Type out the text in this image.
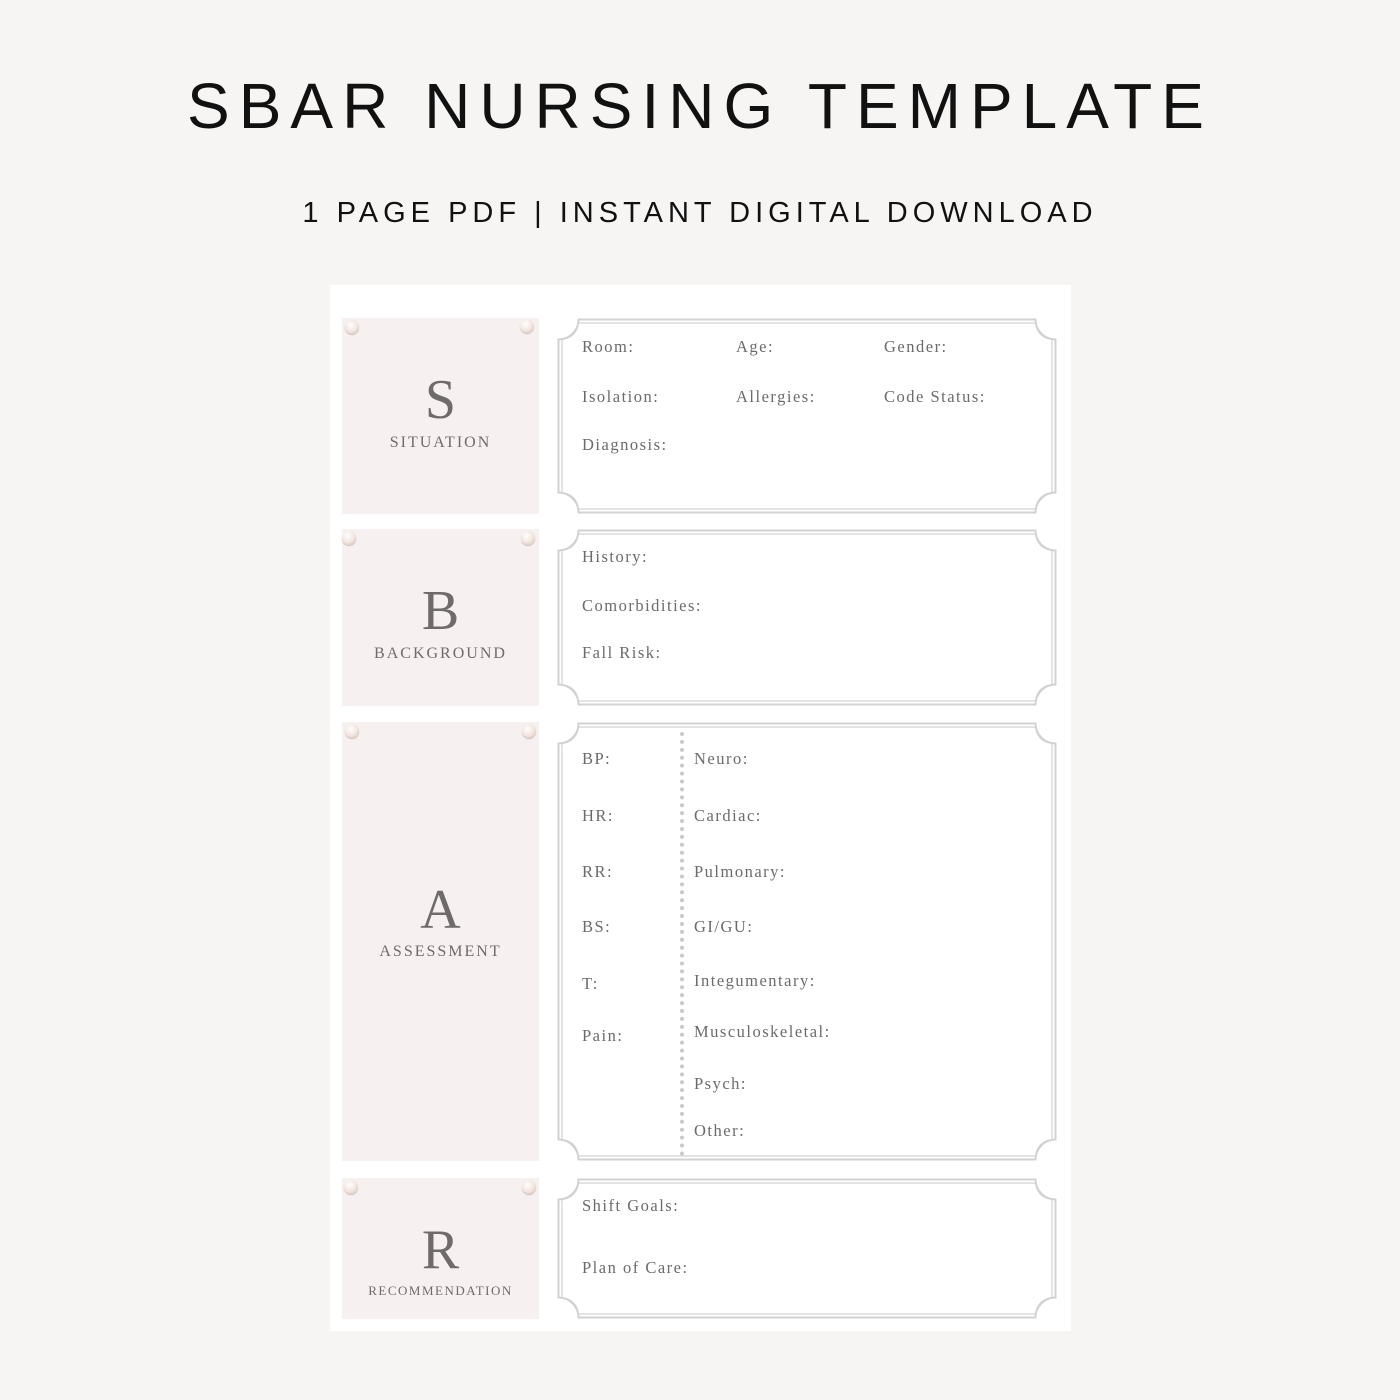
SBAR NURSING TEMPLATE
1 PAGE PDF | INSTANT DIGITAL DOWNLOAD
S
SITUATION
Room:	Age:	Gender:
Isolation:	Allergies:	Code Status:
Diagnosis:
B
BACKGROUND
History:
Comorbidities:
Fall Risk:
A
ASSESSMENT
BP:
HR:
RR:
BS:
T:
Pain:
Neuro:
Cardiac:
Pulmonary:
GI/GU:
Integumentary:
Musculoskeletal:
Psych:
Other:
R
RECOMMENDATION
Shift Goals:
Plan of Care:
